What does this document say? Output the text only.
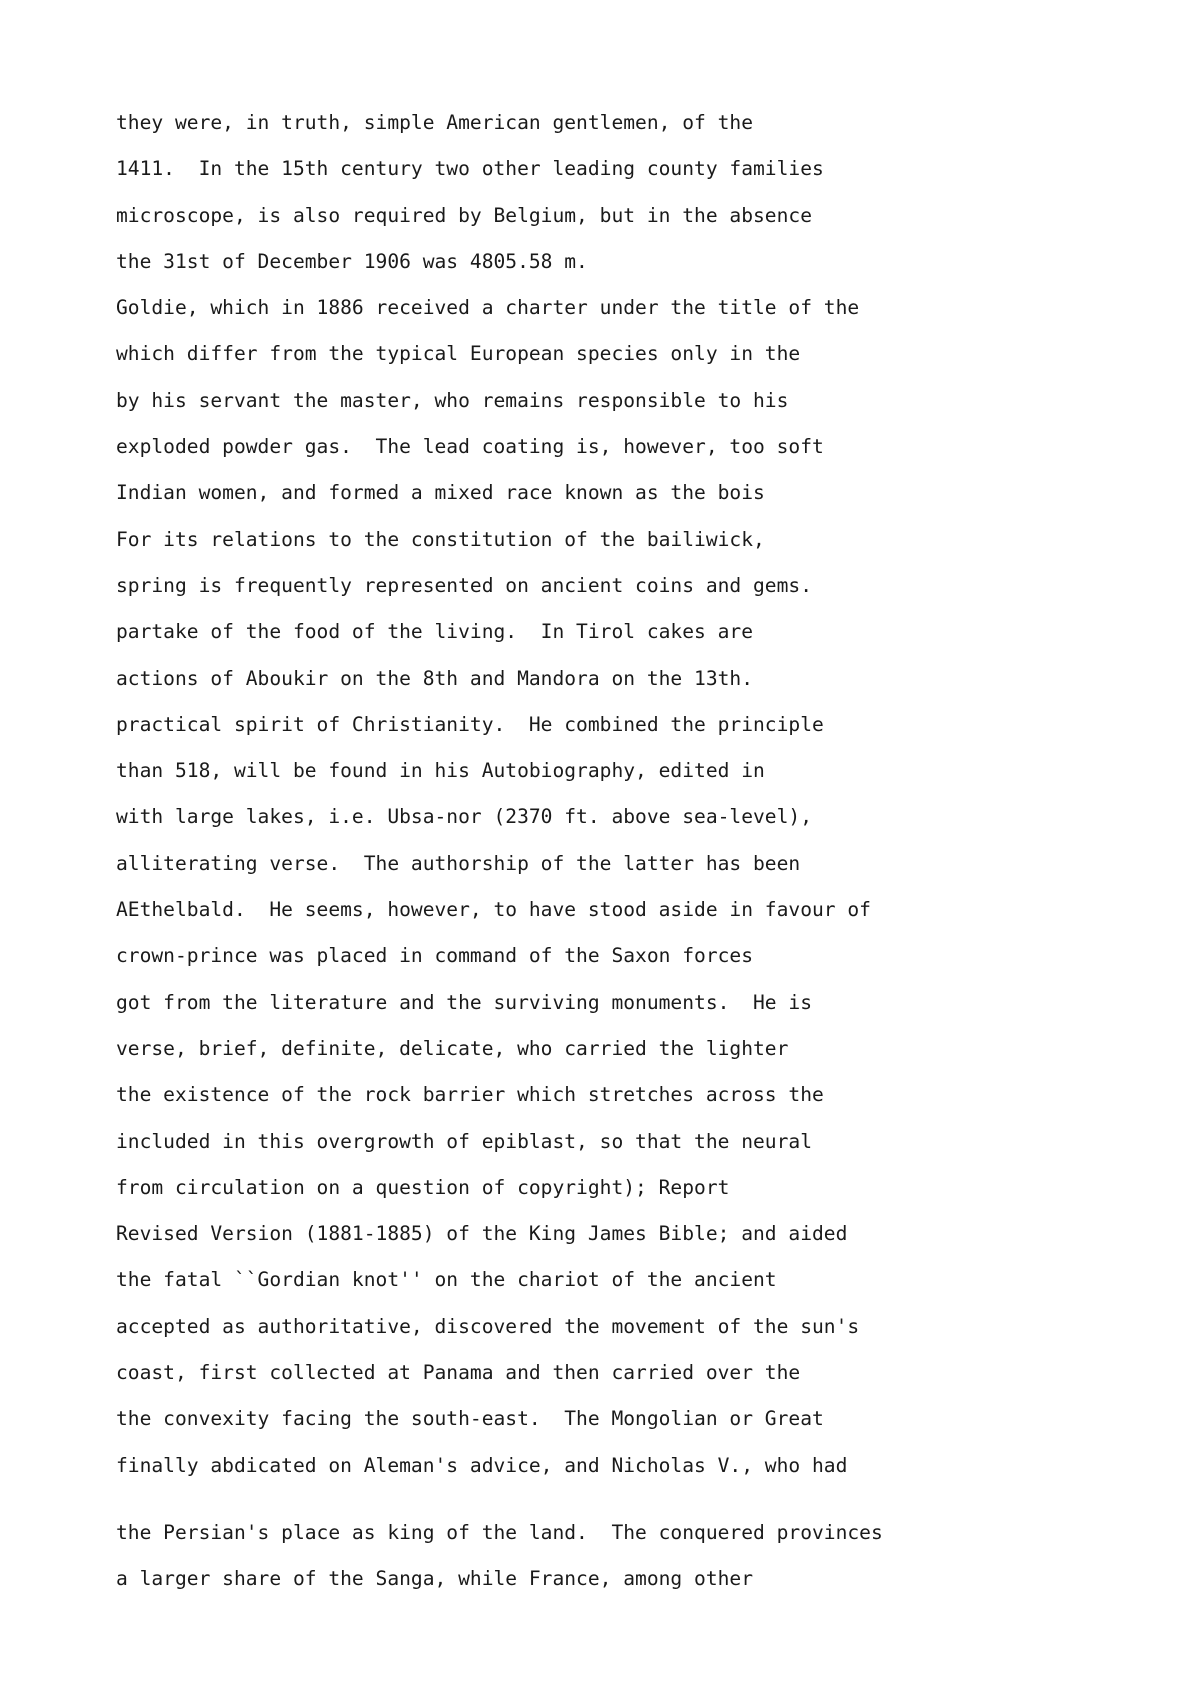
they were, in truth, simple American gentlemen, of the
1411.  In the 15th century two other leading county families
microscope, is also required by Belgium, but in the absence
the 31st of December 1906 was 4805.58 m.
Goldie, which in 1886 received a charter under the title of the
which differ from the typical European species only in the
by his servant the master, who remains responsible to his
exploded powder gas.  The lead coating is, however, too soft
Indian women, and formed a mixed race known as the bois
For its relations to the constitution of the bailiwick,
spring is frequently represented on ancient coins and gems.
partake of the food of the living.  In Tirol cakes are
actions of Aboukir on the 8th and Mandora on the 13th.
practical spirit of Christianity.  He combined the principle
than 518, will be found in his Autobiography, edited in
with large lakes, i.e. Ubsa-nor (2370 ft. above sea-level),
alliterating verse.  The authorship of the latter has been
AEthelbald.  He seems, however, to have stood aside in favour of
crown-prince was placed in command of the Saxon forces
got from the literature and the surviving monuments.  He is
verse, brief, definite, delicate, who carried the lighter
the existence of the rock barrier which stretches across the
included in this overgrowth of epiblast, so that the neural
from circulation on a question of copyright); Report
Revised Version (1881-1885) of the King James Bible; and aided
the fatal ``Gordian knot'' on the chariot of the ancient
accepted as authoritative, discovered the movement of the sun's
coast, first collected at Panama and then carried over the
the convexity facing the south-east.  The Mongolian or Great
finally abdicated on Aleman's advice, and Nicholas V., who had
the Persian's place as king of the land.  The conquered provinces
a larger share of the Sanga, while France, among other
